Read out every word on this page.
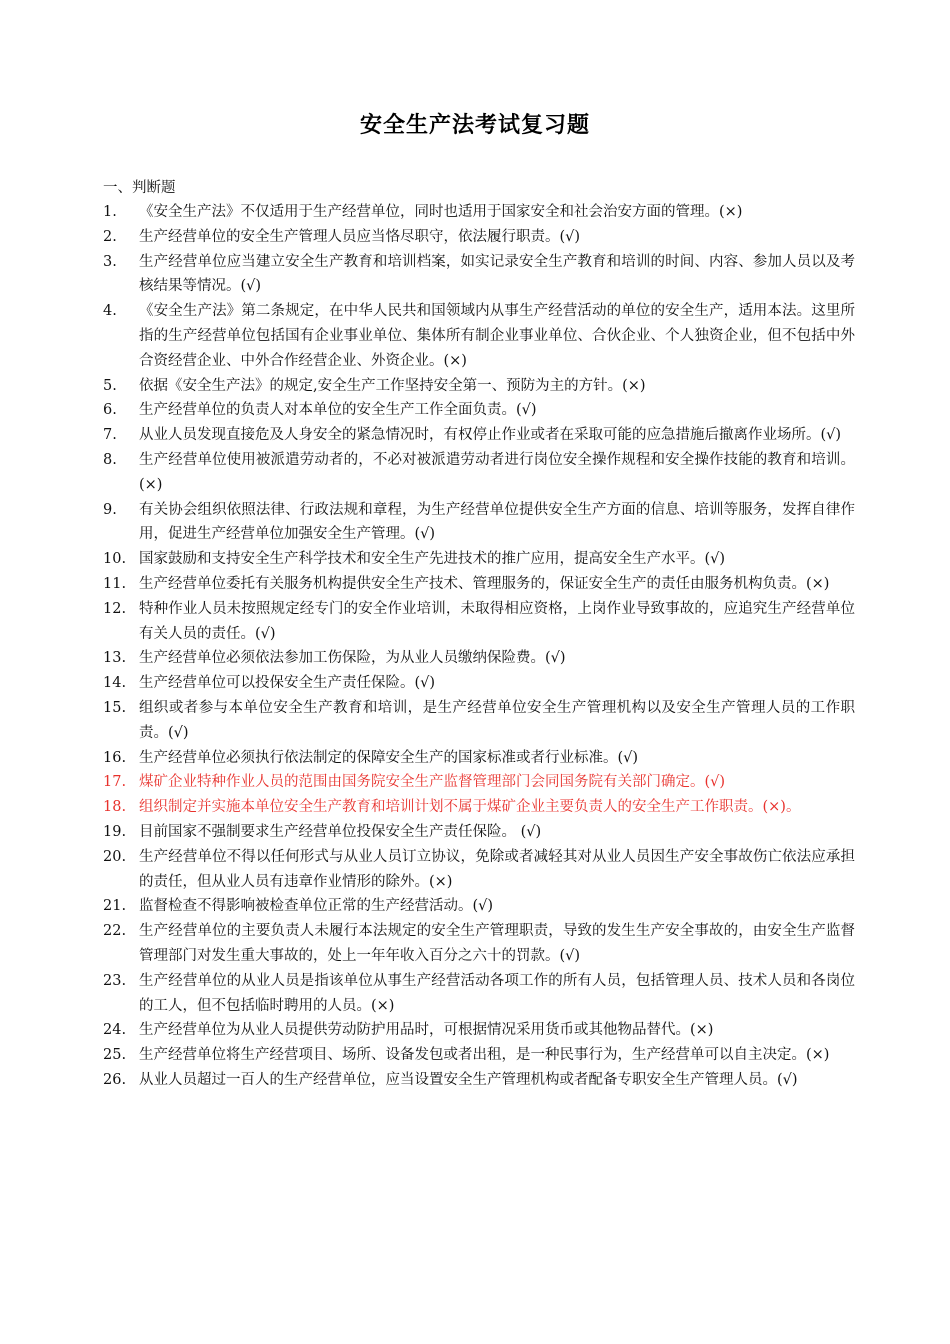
安全生产法考试复习题
一、判断题
1.	《安全生产法》不仅适用于生产经营单位，同时也适用于国家安全和社会治安方面的管理。(×)
2.	生产经营单位的安全生产管理人员应当恪尽职守，依法履行职责。(√)
3.	生产经营单位应当建立安全生产教育和培训档案，如实记录安全生产教育和培训的时间、内容、参加人员以及考核结果等情况。(√)
4.	《安全生产法》第二条规定，在中华人民共和国领域内从事生产经营活动的单位的安全生产，适用本法。这里所指的生产经营单位包括国有企业事业单位、集体所有制企业事业单位、合伙企业、个人独资企业，但不包括中外合资经营企业、中外合作经营企业、外资企业。(×)
5.	依据《安全生产法》的规定,安全生产工作坚持安全第一、预防为主的方针。(×)
6.	生产经营单位的负责人对本单位的安全生产工作全面负责。(√)
7.	从业人员发现直接危及人身安全的紧急情况时，有权停止作业或者在采取可能的应急措施后撤离作业场所。(√)
8.	生产经营单位使用被派遣劳动者的，不必对被派遣劳动者进行岗位安全操作规程和安全操作技能的教育和培训。(×)
9.	有关协会组织依照法律、行政法规和章程，为生产经营单位提供安全生产方面的信息、培训等服务，发挥自律作用，促进生产经营单位加强安全生产管理。(√)
10. 国家鼓励和支持安全生产科学技术和安全生产先进技术的推广应用，提高安全生产水平。(√)
11. 生产经营单位委托有关服务机构提供安全生产技术、管理服务的，保证安全生产的责任由服务机构负责。(×)
12. 特种作业人员未按照规定经专门的安全作业培训，未取得相应资格，上岗作业导致事故的，应追究生产经营单位有关人员的责任。(√)
13. 生产经营单位必须依法参加工伤保险，为从业人员缴纳保险费。(√)
14. 生产经营单位可以投保安全生产责任保险。(√)
15. 组织或者参与本单位安全生产教育和培训，是生产经营单位安全生产管理机构以及安全生产管理人员的工作职责。(√)
16. 生产经营单位必须执行依法制定的保障安全生产的国家标准或者行业标准。(√)
17. 煤矿企业特种作业人员的范围由国务院安全生产监督管理部门会同国务院有关部门确定。(√)
18. 组织制定并实施本单位安全生产教育和培训计划不属于煤矿企业主要负责人的安全生产工作职责。(×)。
19. 目前国家不强制要求生产经营单位投保安全生产责任保险。 (√)
20. 生产经营单位不得以任何形式与从业人员订立协议，免除或者减轻其对从业人员因生产安全事故伤亡依法应承担的责任，但从业人员有违章作业情形的除外。(×)
21. 监督检查不得影响被检查单位正常的生产经营活动。(√)
22. 生产经营单位的主要负责人未履行本法规定的安全生产管理职责，导致的发生生产安全事故的，由安全生产监督管理部门对发生重大事故的，处上一年年收入百分之六十的罚款。(√)
23. 生产经营单位的从业人员是指该单位从事生产经营活动各项工作的所有人员，包括管理人员、技术人员和各岗位的工人，但不包括临时聘用的人员。(×)
24. 生产经营单位为从业人员提供劳动防护用品时，可根据情况采用货币或其他物品替代。(×)
25. 生产经营单位将生产经营项目、场所、设备发包或者出租，是一种民事行为，生产经营单可以自主决定。(×)
26. 从业人员超过一百人的生产经营单位，应当设置安全生产管理机构或者配备专职安全生产管理人员。(√)
